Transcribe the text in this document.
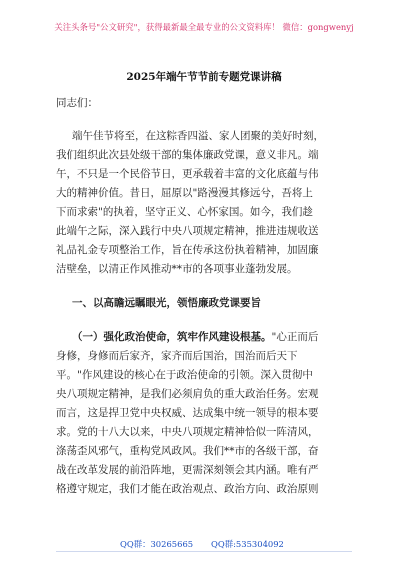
关注头条号"公文研究"，获得最新最全最专业的公文资料库！ 微信：gongwenyj
2025年端午节节前专题党课讲稿
同志们：
端午佳节将至，在这粽香四溢、家人团聚的美好时刻，
我们组织此次县处级干部的集体廉政党课，意义非凡。端
午，不只是一个民俗节日，更承载着丰富的文化底蕴与伟
大的精神价值。昔日，屈原以"路漫漫其修远兮，吾将上
下而求索"的执着，坚守正义、心怀家国。如今，我们趁
此端午之际，深入践行中央八项规定精神，推进违规收送
礼品礼金专项整治工作，旨在传承这份执着精神，加固廉
洁壁垒，以清正作风推动**市的各项事业蓬勃发展。
一、以高瞻远瞩眼光，领悟廉政党课要旨
（一）强化政治使命，筑牢作风建设根基。"心正而后
身修，身修而后家齐，家齐而后国治，国治而后天下
平。"作风建设的核心在于政治使命的引领。深入贯彻中
央八项规定精神，是我们必须肩负的重大政治任务。宏观
而言，这是捍卫党中央权威、达成集中统一领导的根本要
求。党的十八大以来，中央八项规定精神恰似一阵清风，
涤荡歪风邪气，重构党风政风。我们**市的各级干部，奋
战在改革发展的前沿阵地，更需深刻领会其内涵。唯有严
格遵守规定，我们才能在政治观点、政治方向、政治原则
QQ群：30265665 QQ群:535304092
